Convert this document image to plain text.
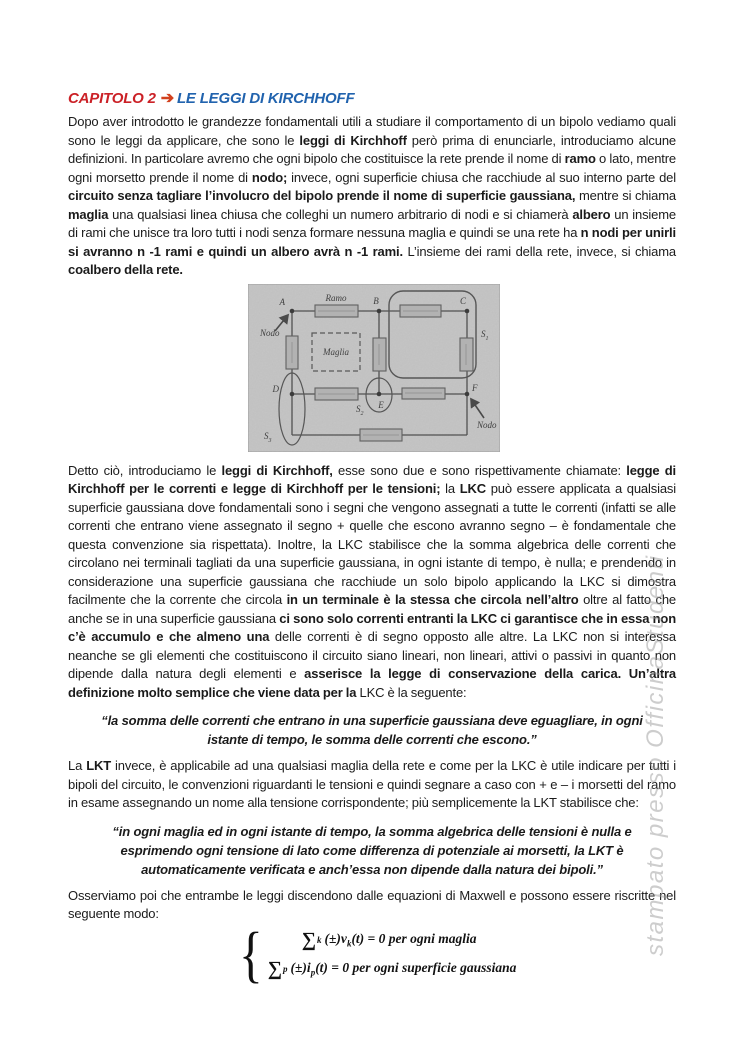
CAPITOLO 2 ➔ LE LEGGI DI KIRCHHOFF

Dopo aver introdotto le grandezze fondamentali utili a studiare il comportamento di un bipolo vediamo quali sono le leggi da applicare, che sono le leggi di Kirchhoff però prima di enunciarle, introduciamo alcune definizioni. In particolare avremo che ogni bipolo che costituisce la rete prende il nome di ramo o lato, mentre ogni morsetto prende il nome di nodo; invece, ogni superficie chiusa che racchiude al suo interno parte del circuito senza tagliare l’involucro del bipolo prende il nome di superficie gaussiana, mentre si chiama maglia una qualsiasi linea chiusa che colleghi un numero arbitrario di nodi e si chiamerà albero un insieme di rami che unisce tra loro tutti i nodi senza formare nessuna maglia e quindi se una rete ha n nodi per unirli si avranno n -1 rami e quindi un albero avrà n -1 rami. L’insieme dei rami della rete, invece, si chiama coalbero della rete.

A	Ramo	B	C
Nodo
Maglia
$S_1$
D
E
$S_2$
F
$S_3$
Nodo

Detto ciò, introduciamo le leggi di Kirchhoff, esse sono due e sono rispettivamente chiamate: legge di Kirchhoff per le correnti e legge di Kirchhoff per le tensioni; la LKC può essere applicata a qualsiasi superficie gaussiana dove fondamentali sono i segni che vengono assegnati a tutte le correnti (infatti se alle correnti che entrano viene assegnato il segno + quelle che escono avranno segno – è fondamentale che questa convenzione sia rispettata). Inoltre, la LKC stabilisce che la somma algebrica delle correnti che circolano nei terminali tagliati da una superficie gaussiana, in ogni istante di tempo, è nulla; e prendendo in considerazione una superficie gaussiana che racchiude un solo bipolo applicando la LKC si dimostra facilmente che la corrente che circola in un terminale è la stessa che circola nell’altro oltre al fatto che anche se in una superficie gaussiana ci sono solo correnti entranti la LKC ci garantisce che in essa non c’è accumulo e che almeno una delle correnti è di segno opposto alle altre. La LKC non si interessa neanche se gli elementi che costituiscono il circuito siano lineari, non lineari, attivi o passivi in quanto non dipende dalla natura degli elementi e asserisce la legge di conservazione della carica. Un’altra definizione molto semplice che viene data per la LKC è la seguente:

“la somma delle correnti che entrano in una superficie gaussiana deve eguagliare, in ogni istante di tempo, le somma delle correnti che escono.”

La LKT invece, è applicabile ad una qualsiasi maglia della rete e come per la LKC è utile indicare per tutti i bipoli del circuito, le convenzioni riguardanti le tensioni e quindi segnare a caso con + e – i morsetti del ramo in esame assegnando un nome alla tensione corrispondente; più semplicemente la LKT stabilisce che:

“in ogni maglia ed in ogni istante di tempo, la somma algebrica delle tensioni è nulla e esprimendo ogni tensione di lato come differenza di potenziale ai morsetti, la LKT è automaticamente verificata e anch’essa non dipende dalla natura dei bipoli.”

Osserviamo poi che entrambe le leggi discendono dalle equazioni di Maxwell e possono essere riscritte nel seguente modo:

{ ∑ k $(\pm)v_k(t) = 0$ per ogni maglia
∑ p $(\pm)i_p(t) = 0$ per ogni superficie gaussiana
stampato presso OfficinaStudenti
